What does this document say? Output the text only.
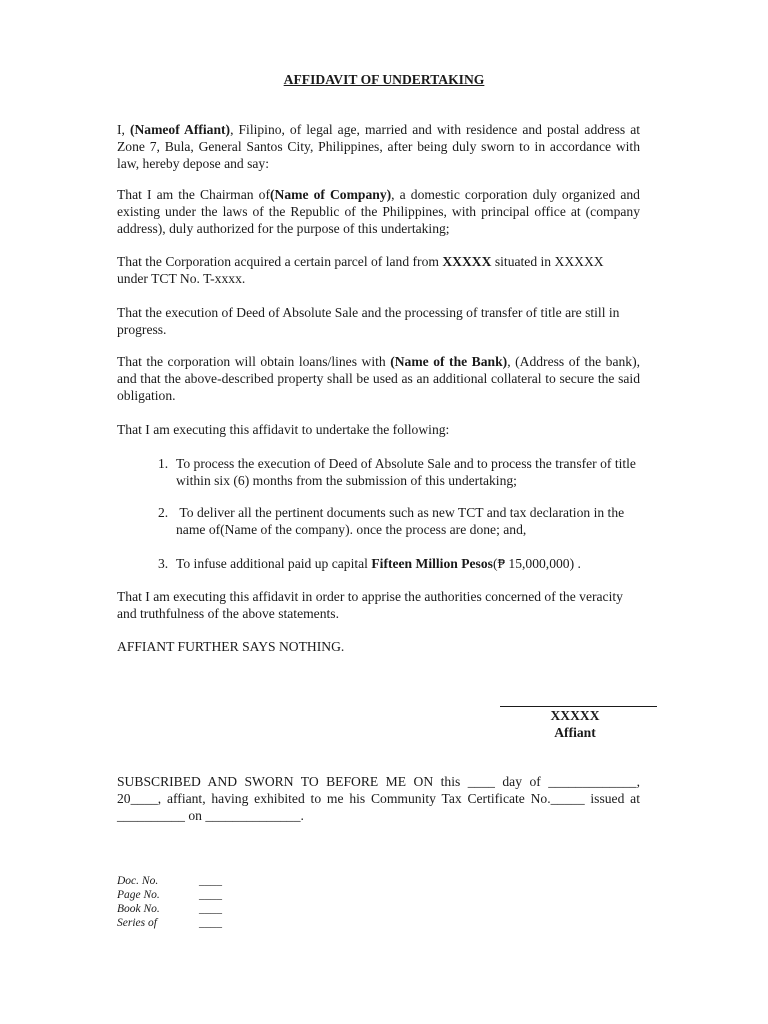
AFFIDAVIT OF UNDERTAKING

I, (Nameof Affiant), Filipino, of legal age, married and with residence and postal address at Zone 7, Bula, General Santos City, Philippines, after being duly sworn to in accordance with law, hereby depose and say:

That I am the Chairman of(Name of Company), a domestic corporation duly organized and existing under the laws of the Republic of the Philippines, with principal office at (company address), duly authorized for the purpose of this undertaking;

That the Corporation acquired a certain parcel of land from XXXXX situated in XXXXX under TCT No. T-xxxx.

That the execution of Deed of Absolute Sale and the processing of transfer of title are still in progress.

That the corporation will obtain loans/lines with (Name of the Bank), (Address of the bank), and that the above-described property shall be used as an additional collateral to secure the said obligation.

That I am executing this affidavit to undertake the following:

1. To process the execution of Deed of Absolute Sale and to process the transfer of title within six (6) months from the submission of this undertaking;
2. To deliver all the pertinent documents such as new TCT and tax declaration in the name of(Name of the company). once the process are done; and,
3. To infuse additional paid up capital Fifteen Million Pesos(₱ 15,000,000) .

That I am executing this affidavit in order to apprise the authorities concerned of the veracity and truthfulness of the above statements.

AFFIANT FURTHER SAYS NOTHING.

XXXXX
Affiant

SUBSCRIBED AND SWORN TO BEFORE ME ON this ____ day of _____________, 20____, affiant, having exhibited to me his Community Tax Certificate No._____ issued at __________ on ______________.

Doc. No.	____
Page No.	____
Book No.	____
Series of	____
